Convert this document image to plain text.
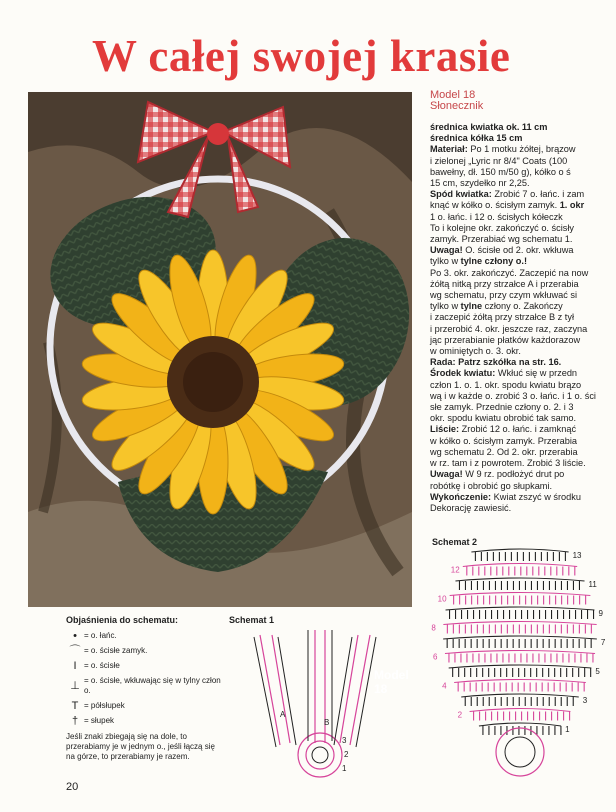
W całej swojej krasie
Model 18
Model 18
Słonecznik
średnica kwiatka ok. 11 cm
średnica kółka 15 cm
Materiał: Po 1 motku żółtej, brązow
i zielonej „Lyric nr 8/4" Coats (100
bawełny, dł. 150 m/50 g), kółko o ś
15 cm, szydełko nr 2,25.
Spód kwiatka: Zrobić 7 o. łańc. i zam
knąć w kółko o. ścisłym zamyk. 1. okr
1 o. łańc. i 12 o. ścisłych kółeczk
To i kolejne okr. zakończyć o. ścisły
zamyk. Przerabiać wg schematu 1.
Uwaga! O. ścisłe od 2. okr. wkłuwa
tylko w tylne człony o.!
Po 3. okr. zakończyć. Zaczepić na now
żółtą nitką przy strzałce A i przerabia
wg schematu, przy czym wkłuwać si
tylko w tylne człony o. Zakończy
i zaczepić żółtą przy strzałce B z tył
i przerobić 4. okr. jeszcze raz, zaczyna
jąc przerabianie płatków każdorazow
w ominiętych o. 3. okr.
Rada: Patrz szkółka na str. 16.
Środek kwiatu: Wkłuć się w przedn
człon 1. o. 1. okr. spodu kwiatu brązo
wą i w każde o. zrobić 3 o. łańc. i 1 o. ści
słe zamyk. Przednie człony o. 2. i 3
okr. spodu kwiatu obrobić tak samo.
Liście: Zrobić 12 o. łańc. i zamknąć
w kółko o. ścisłym zamyk. Przerabia
wg schematu 2. Od 2. okr. przerabia
w rz. tam i z powrotem. Zrobić 3 liście.
Uwaga! W 9 rz. podłożyć drut po
robótkę i obrobić go słupkami.
Wykończenie: Kwiat zszyć w środku
Dekorację zawiesić.
Objaśnienia do schematu:
• = o. łańc.
⌒ = o. ścisłe zamyk.
I = o. ścisłe
⊥ = o. ścisłe, wkłuwając się w tylny człon o.
T = półsłupek
† = słupek
Jeśli znaki zbiegają się na dole, to przerabiamy je w jednym o., jeśli łączą się na górze, to przerabiamy je razem.
Schemat 1
Schemat 2
A
B
3
2
1
13
12
11
10
9
8
7
6
5
4
3
2
1
20
